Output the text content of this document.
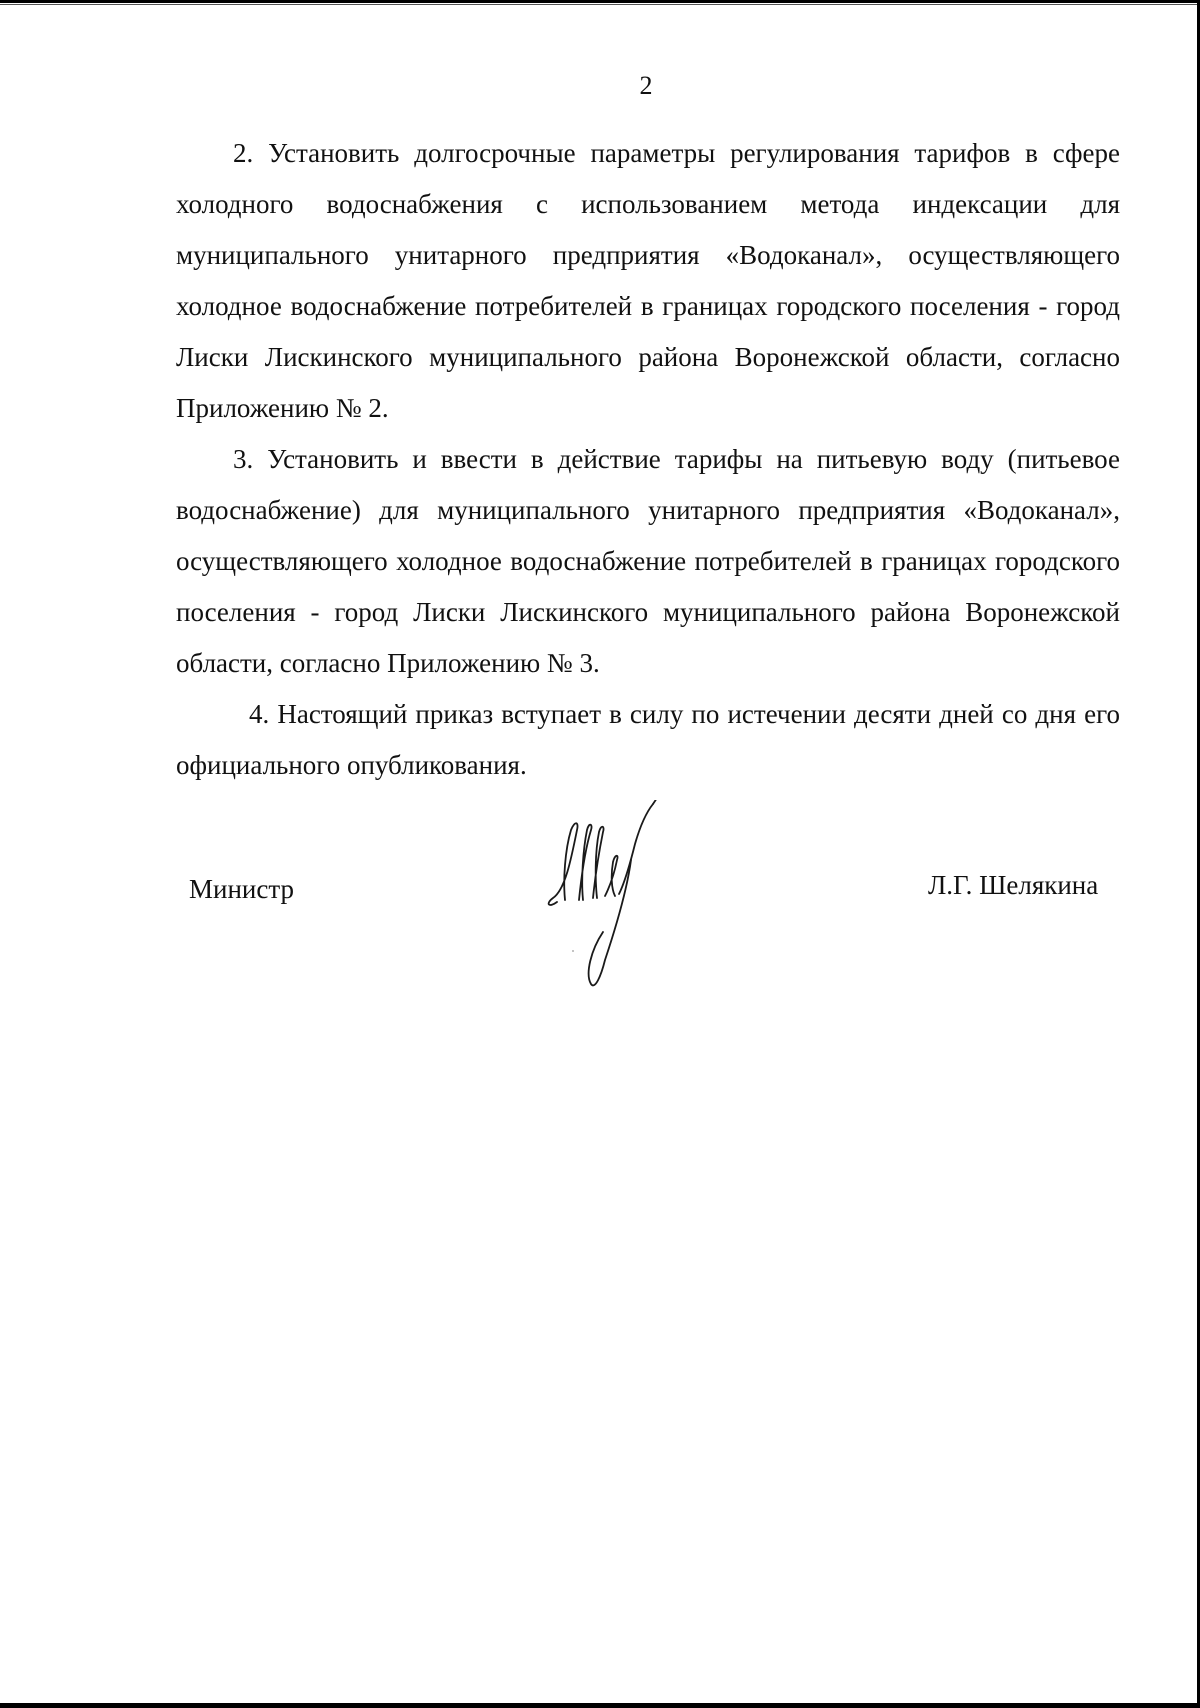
2

2. Установить долгосрочные параметры регулирования тарифов в сфере холодного водоснабжения с использованием метода индексации для муниципального унитарного предприятия «Водоканал», осуществляющего холодное водоснабжение потребителей в границах городского поселения - город Лиски Лискинского муниципального района Воронежской области, согласно Приложению № 2.

3. Установить и ввести в действие тарифы на питьевую воду (питьевое водоснабжение) для муниципального унитарного предприятия «Водоканал», осуществляющего холодное водоснабжение потребителей в границах городского поселения - город Лиски Лискинского муниципального района Воронежской области, согласно Приложению № 3.

4. Настоящий приказ вступает в силу по истечении десяти дней со дня его официального опубликования.

Министр	Л.Г. Шелякина
